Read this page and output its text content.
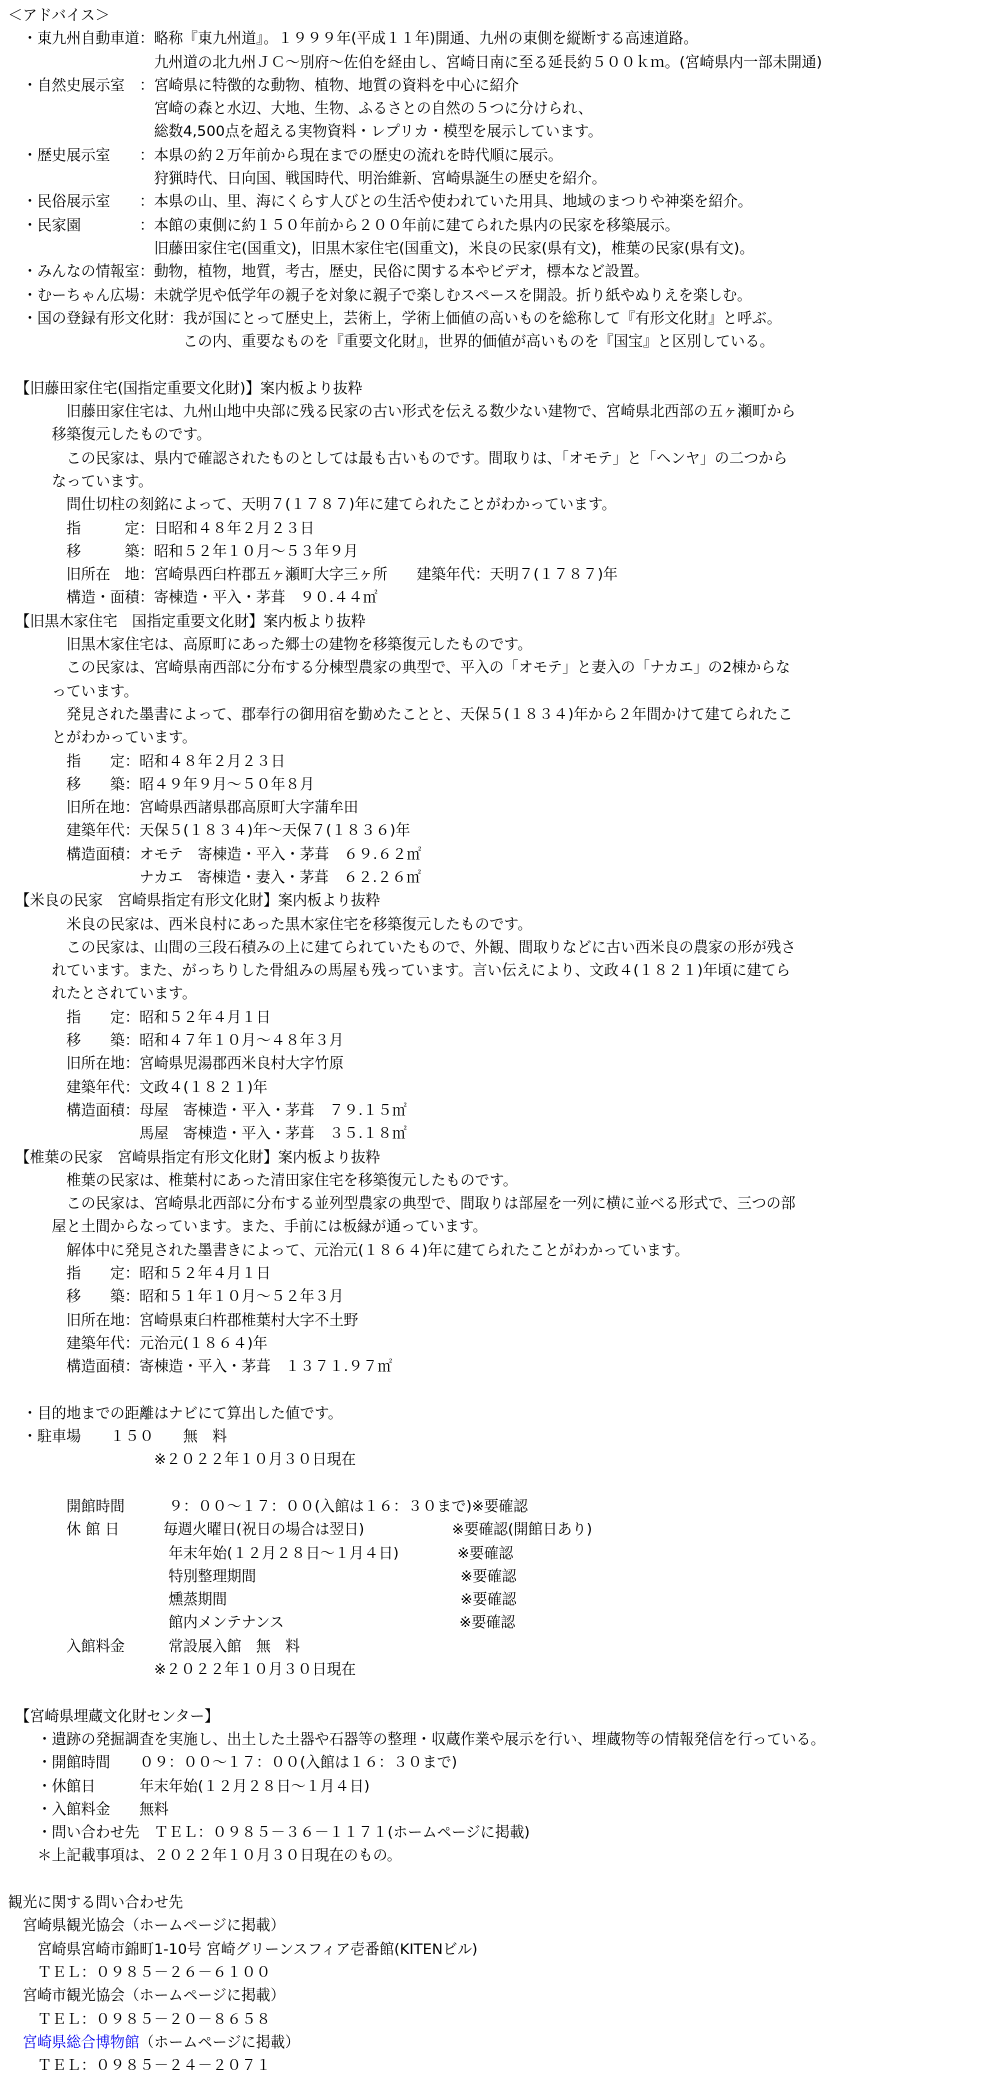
＜アドバイス＞
　・東九州自動車道：略称『東九州道』。１９９９年(平成１１年)開通、九州の東側を縦断する高速道路。
　　　　　　　　　　九州道の北九州ＪＣ～別府～佐伯を経由し、宮崎日南に至る延長約５００ｋｍ。(宮崎県内一部未開通)
　・自然史展示室　：宮崎県に特徴的な動物、植物、地質の資料を中心に紹介
　　　　　　　　　　宮崎の森と水辺、大地、生物、ふるさとの自然の５つに分けられ、
　　　　　　　　　　総数4,500点を超える実物資料・レプリカ・模型を展示しています。
　・歴史展示室　　：本県の約２万年前から現在までの歴史の流れを時代順に展示。
　　　　　　　　　　狩猟時代、日向国、戦国時代、明治維新、宮崎県誕生の歴史を紹介。
　・民俗展示室　　：本県の山、里、海にくらす人びとの生活や使われていた用具、地域のまつりや神楽を紹介。
　・民家園　　　　：本館の東側に約１５０年前から２００年前に建てられた県内の民家を移築展示。
　　　　　　　　　　旧藤田家住宅(国重文)，旧黒木家住宅(国重文)，米良の民家(県有文)，椎葉の民家(県有文)。
　・みんなの情報室：動物，植物，地質，考古，歴史，民俗に関する本やビデオ，標本など設置。
　・むーちゃん広場：未就学児や低学年の親子を対象に親子で楽しむスペースを開設。折り紙やぬりえを楽しむ。
　・国の登録有形文化財：我が国にとって歴史上，芸術上，学術上価値の高いものを総称して『有形文化財』と呼ぶ。
　　　　　　　　　　　　この内、重要なものを『重要文化財』，世界的価値が高いものを『国宝』と区別している。
　【旧藤田家住宅(国指定重要文化財)】案内板より抜粋
　　　　旧藤田家住宅は、九州山地中央部に残る民家の古い形式を伝える数少ない建物で、宮崎県北西部の五ヶ瀬町から
　　　移築復元したものです。
　　　　この民家は、県内で確認されたものとしては最も古いものです。間取りは、「オモテ」と「ヘンヤ」の二つから
　　　なっています。
　　　　問仕切柱の刻銘によって、天明７(１７８７)年に建てられたことがわかっています。
　　　　指　　　定：日昭和４８年２月２３日
　　　　移　　　築：昭和５２年１０月～５３年９月
　　　　旧所在　地：宮崎県西臼杵郡五ヶ瀬町大字三ヶ所　　建築年代：天明７(１７８７)年
　　　　構造・面積：寄棟造・平入・茅葺　９０.４４㎡
　【旧黒木家住宅　国指定重要文化財】案内板より抜粋
　　　　旧黒木家住宅は、高原町にあった郷士の建物を移築復元したものです。
　　　　この民家は、宮崎県南西部に分布する分棟型農家の典型で、平入の「オモテ」と妻入の「ナカエ」の2棟からな
　　　っています。
　　　　発見された墨書によって、郡奉行の御用宿を勤めたことと、天保５(１８３４)年から２年間かけて建てられたこ
　　　とがわかっています。
　　　　指　　定：昭和４８年２月２３日
　　　　移　　築：昭４９年９月～５０年８月
　　　　旧所在地：宮崎県西諸県郡高原町大字蒲牟田
　　　　建築年代：天保５(１８３４)年～天保７(１８３６)年
　　　　構造面積：オモテ　寄棟造・平入・茅葺　６９.６２㎡
　　　　　　　　　ナカエ　寄棟造・妻入・茅葺　６２.２６㎡
　【米良の民家　宮崎県指定有形文化財】案内板より抜粋
　　　　米良の民家は、西米良村にあった黒木家住宅を移築復元したものです。
　　　　この民家は、山間の三段石積みの上に建てられていたもので、外観、間取りなどに古い西米良の農家の形が残さ
　　　れています。また、がっちりした骨組みの馬屋も残っています。言い伝えにより、文政４(１８２１)年頃に建てら
　　　れたとされています。
　　　　指　　定：昭和５２年４月１日
　　　　移　　築：昭和４７年１０月～４８年３月
　　　　旧所在地：宮崎県児湯郡西米良村大字竹原
　　　　建築年代：文政４(１８２１)年
　　　　構造面積：母屋　寄棟造・平入・茅葺　７９.１５㎡
　　　　　　　　　馬屋　寄棟造・平入・茅葺　３５.１８㎡
　【椎葉の民家　宮崎県指定有形文化財】案内板より抜粋
　　　　椎葉の民家は、椎葉村にあった清田家住宅を移築復元したものです。
　　　　この民家は、宮崎県北西部に分布する並列型農家の典型で、間取りは部屋を一列に横に並べる形式で、三つの部
　　　屋と土間からなっています。また、手前には板縁が通っています。
　　　　解体中に発見された墨書きによって、元治元(１８６４)年に建てられたことがわかっています。
　　　　指　　定：昭和５２年４月１日
　　　　移　　築：昭和５１年１０月～５２年３月
　　　　旧所在地：宮崎県東臼杵郡椎葉村大字不土野
　　　　建築年代：元治元(１８６４)年
　　　　構造面積：寄棟造・平入・茅葺　１３７１.９７㎡
　・目的地までの距離はナビにて算出した値です。
　・駐車場　　１５０　　無　料
　　　　　　　　　　※２０２２年１０月３０日現在
　　　　開館時間　　　９：００～１７：００(入館は１６：３０まで)※要確認
　　　　休 館 日　　　毎週火曜日(祝日の場合は翌日)　　　　　　※要確認(開館日あり)
　　　　　　　　　　　年末年始(１２月２８日～１月４日)　　　　※要確認
　　　　　　　　　　　特別整理期間　　　　　　　　　　　　　　※要確認
　　　　　　　　　　　燻蒸期間　　　　　　　　　　　　　　　　※要確認
　　　　　　　　　　　館内メンテナンス　　　　　　　　　　　　※要確認
　　　　入館料金　　　常設展入館　無　料
　　　　　　　　　　※２０２２年１０月３０日現在
　【宮崎県埋蔵文化財センター】
　　・遺跡の発掘調査を実施し、出土した土器や石器等の整理・収蔵作業や展示を行い、埋蔵物等の情報発信を行っている。
　　・開館時間　　０９：００～１７：００(入館は１６：３０まで)
　　・休館日　　　年末年始(１２月２８日～１月４日)
　　・入館料金　　無料
　　・問い合わせ先　ＴＥＬ：０９８５－３６－１１７１(ホームページに掲載)
　　＊上記載事項は、２０２２年１０月３０日現在のもの。
観光に関する問い合わせ先
　宮崎県観光協会（ホームページに掲載）
　　宮崎県宮崎市錦町1-10号 宮崎グリーンスフィア壱番館(KITENビル)
　　ＴＥＬ：０９８５－２６－６１００
　宮崎市観光協会（ホームページに掲載）
　　ＴＥＬ：０９８５－２０－８６５８
　宮崎県総合博物館（ホームページに掲載）
　　ＴＥＬ：０９８５－２４－２０７１
